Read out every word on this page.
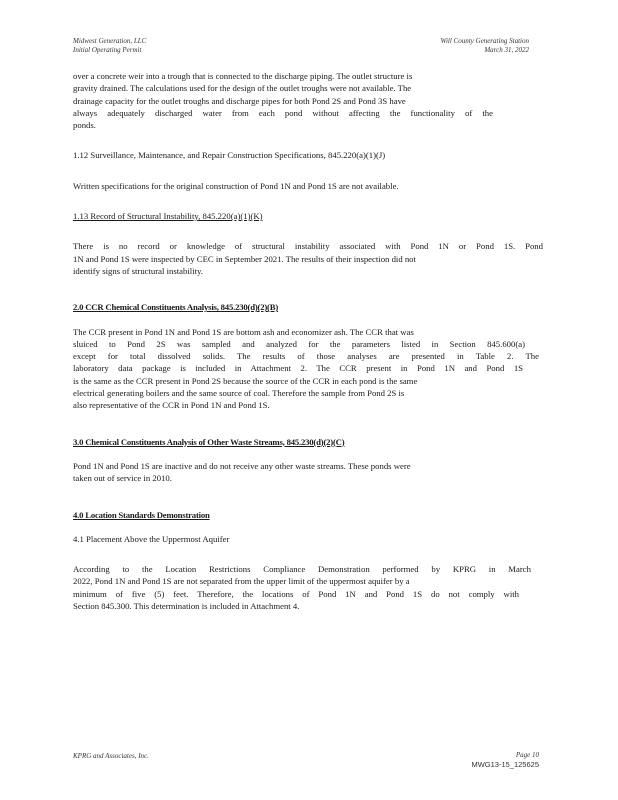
Midwest Generation, LLC
Initial Operating Permit
Will County Generating Station
March 31, 2022
over a concrete weir into a trough that is connected to the discharge piping. The outlet structure is
gravity drained. The calculations used for the design of the outlet troughs were not available. The
drainage capacity for the outlet troughs and discharge pipes for both Pond 2S and Pond 3S have
always adequately discharged water from each pond without affecting the functionality of the
ponds.

1.12 Surveillance, Maintenance, and Repair Construction Specifications, 845.220(a)(1)(J)

Written specifications for the original construction of Pond 1N and Pond 1S are not available.

1.13 Record of Structural Instability, 845.220(a)(1)(K)

There is no record or knowledge of structural instability associated with Pond 1N or Pond 1S. Pond
1N and Pond 1S were inspected by CEC in September 2021. The results of their inspection did not
identify signs of structural instability.

2.0 CCR Chemical Constituents Analysis, 845.230(d)(2)(B)

The CCR present in Pond 1N and Pond 1S are bottom ash and economizer ash. The CCR that was
sluiced to Pond 2S was sampled and analyzed for the parameters listed in Section 845.600(a)
except for total dissolved solids. The results of those analyses are presented in Table 2. The
laboratory data package is included in Attachment 2. The CCR present in Pond 1N and Pond 1S
is the same as the CCR present in Pond 2S because the source of the CCR in each pond is the same
electrical generating boilers and the same source of coal. Therefore the sample from Pond 2S is
also representative of the CCR in Pond 1N and Pond 1S.

3.0 Chemical Constituents Analysis of Other Waste Streams, 845.230(d)(2)(C)

Pond 1N and Pond 1S are inactive and do not receive any other waste streams. These ponds were
taken out of service in 2010.

4.0 Location Standards Demonstration

4.1 Placement Above the Uppermost Aquifer

According to the Location Restrictions Compliance Demonstration performed by KPRG in March
2022, Pond 1N and Pond 1S are not separated from the upper limit of the uppermost aquifer by a
minimum of five (5) feet. Therefore, the locations of Pond 1N and Pond 1S do not comply with
Section 845.300. This determination is included in Attachment 4.
KPRG and Associates, Inc.	Page 10
MWG13-15_125625
